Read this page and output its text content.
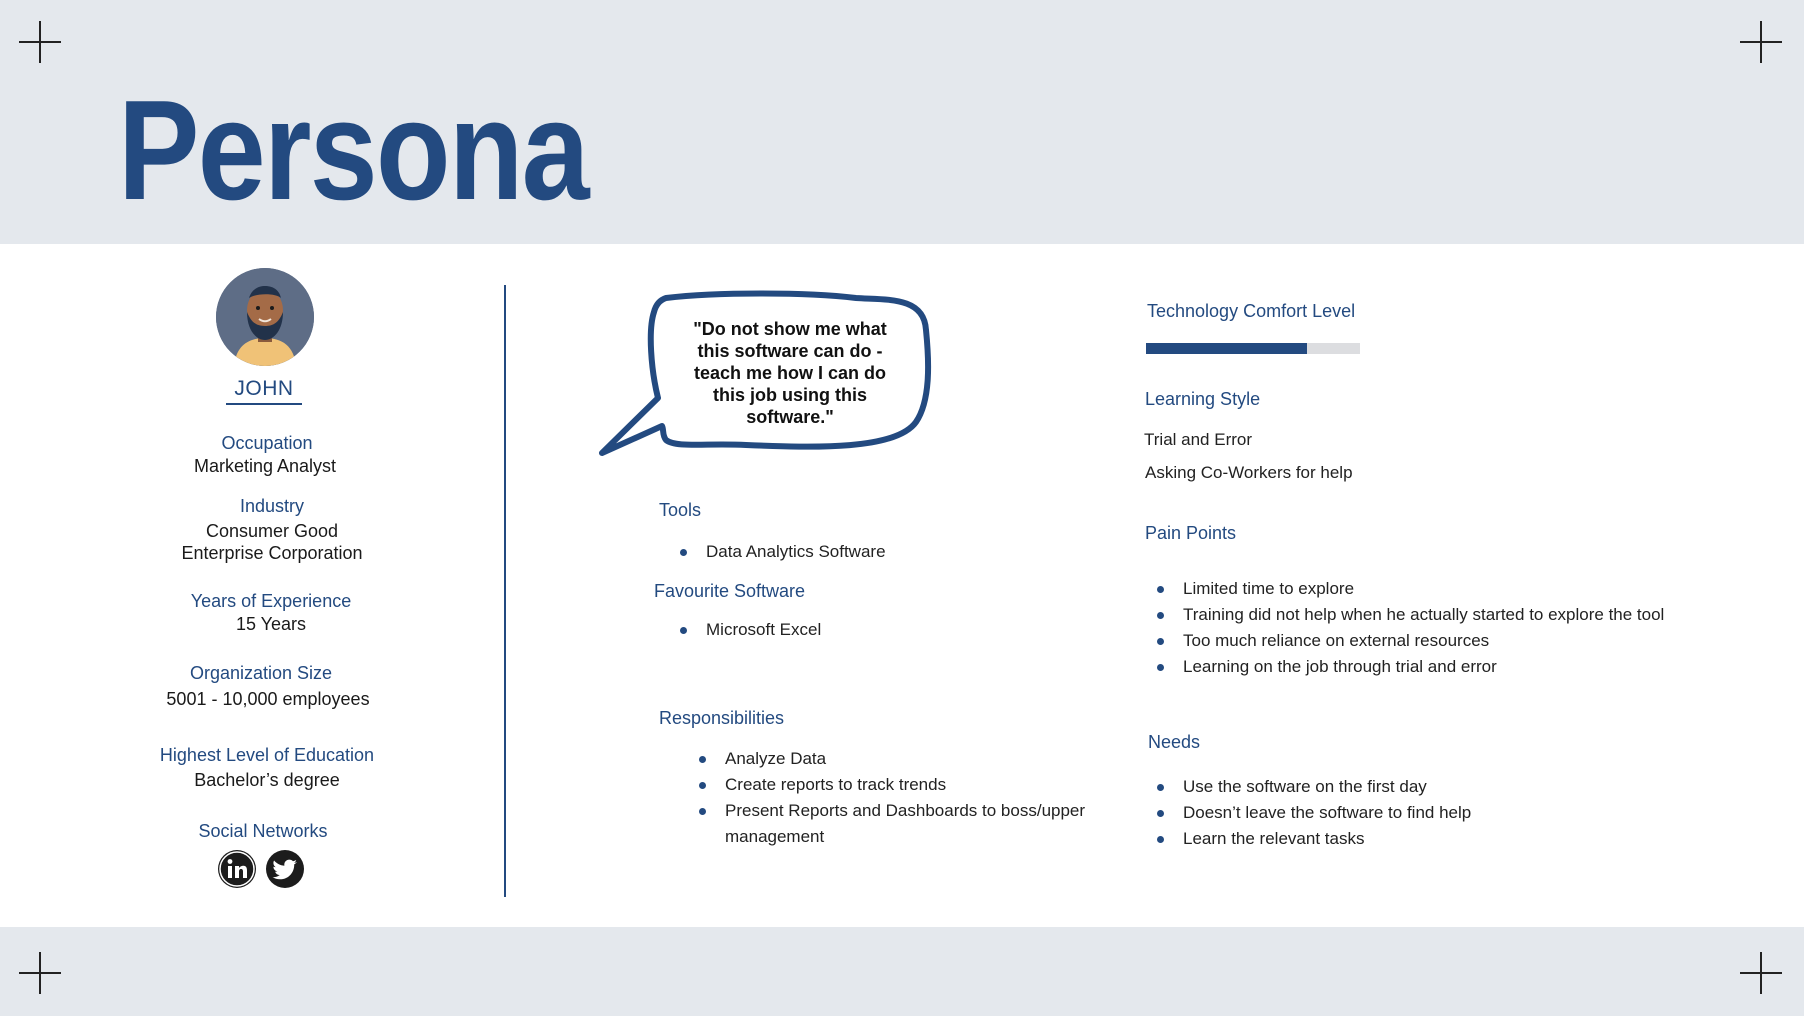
Persona
JOHN
Occupation
Marketing Analyst
Industry
Consumer Good
Enterprise Corporation
Years of Experience
15 Years
Organization Size
5001 - 10,000 employees
Highest Level of Education
Bachelor’s degree
Social Networks
"Do not show me what this software can do - teach me how I can do this job using this software."
Tools
Data Analytics Software
Favourite Software
Microsoft Excel
Responsibilities
Analyze Data
Create reports to track trends
Present Reports and Dashboards to boss/upper management
Technology Comfort Level
Learning Style
Trial and Error
Asking Co-Workers for help
Pain Points
Limited time to explore
Training did not help when he actually started to explore the tool
Too much reliance on external resources
Learning on the job through trial and error
Needs
Use the software on the first day
Doesn’t leave the software to find help
Learn the relevant tasks
